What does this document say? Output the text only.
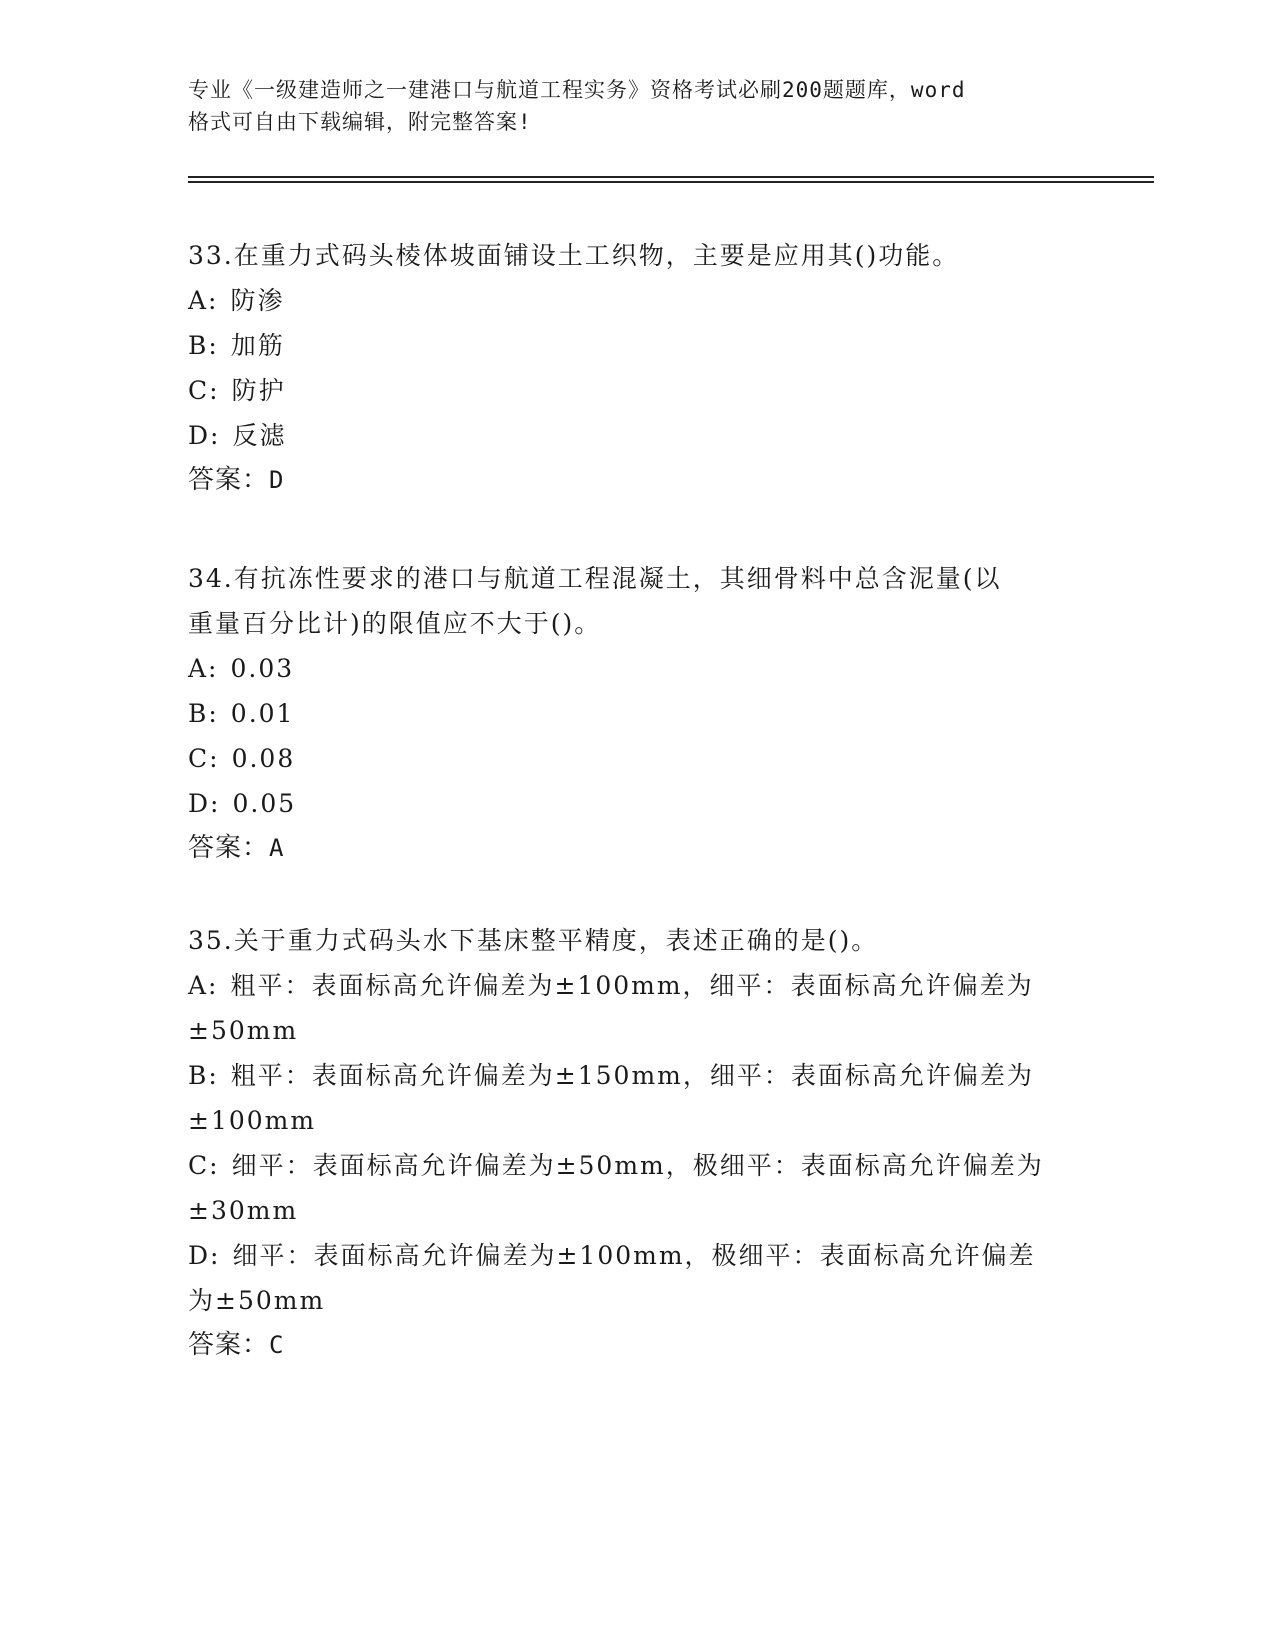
专业《一级建造师之一建港口与航道工程实务》资格考试必刷200题题库，word

格式可自由下载编辑，附完整答案!

33.在重力式码头棱体坡面铺设土工织物，主要是应用其()功能。

A: 防渗

B: 加筋

C: 防护

D: 反滤

答案：D

34.有抗冻性要求的港口与航道工程混凝土，其细骨料中总含泥量(以

重量百分比计)的限值应不大于()。

A: 0.03

B: 0.01

C: 0.08

D: 0.05

答案：A

35.关于重力式码头水下基床整平精度，表述正确的是()。

A: 粗平：表面标高允许偏差为±100mm，细平：表面标高允许偏差为

±50mm

B: 粗平：表面标高允许偏差为±150mm，细平：表面标高允许偏差为

±100mm

C: 细平：表面标高允许偏差为±50mm，极细平：表面标高允许偏差为

±30mm

D: 细平：表面标高允许偏差为±100mm，极细平：表面标高允许偏差

为±50mm

答案：C
